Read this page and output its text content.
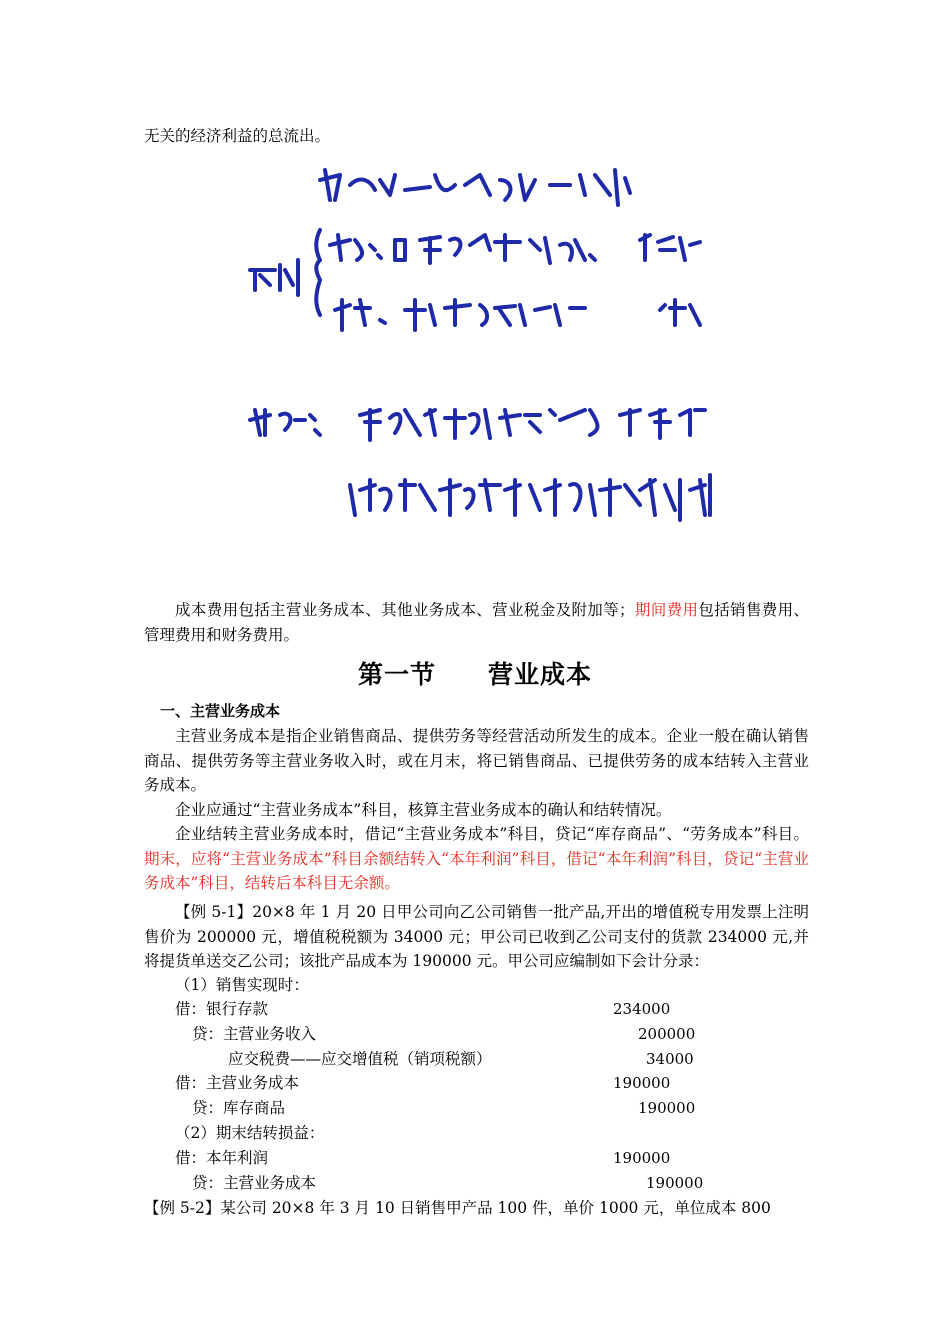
无关的经济利益的总流出。
成本费用包括主营业务成本、其他业务成本、营业税金及附加等；期间费用包括销售费用、管理费用和财务费用。
第一节　　营业成本
一、主营业务成本
主营业务成本是指企业销售商品、提供劳务等经营活动所发生的成本。企业一般在确认销售商品、提供劳务等主营业务收入时，或在月末，将已销售商品、已提供劳务的成本结转入主营业务成本。
企业应通过“主营业务成本”科目，核算主营业务成本的确认和结转情况。
企业结转主营业务成本时，借记“主营业务成本”科目，贷记“库存商品”、“劳务成本”科目。期末，应将“主营业务成本”科目余额结转入“本年利润”科目，借记“本年利润”科目，贷记“主营业务成本”科目，结转后本科目无余额。
【例 5-1】20×8 年 1 月 20 日甲公司向乙公司销售一批产品,开出的增值税专用发票上注明售价为 200000 元，增值税税额为 34000 元；甲公司已收到乙公司支付的货款 234000 元,并将提货单送交乙公司；该批产品成本为 190000 元。甲公司应编制如下会计分录：
（1）销售实现时：
借：银行存款	234000
贷：主营业务收入	200000
应交税费——应交增值税（销项税额）	34000
借：主营业务成本	190000
贷：库存商品	190000
（2）期末结转损益：
借：本年利润	190000
贷：主营业务成本	190000
【例 5-2】某公司 20×8 年 3 月 10 日销售甲产品 100 件，单价 1000 元，单位成本 800
